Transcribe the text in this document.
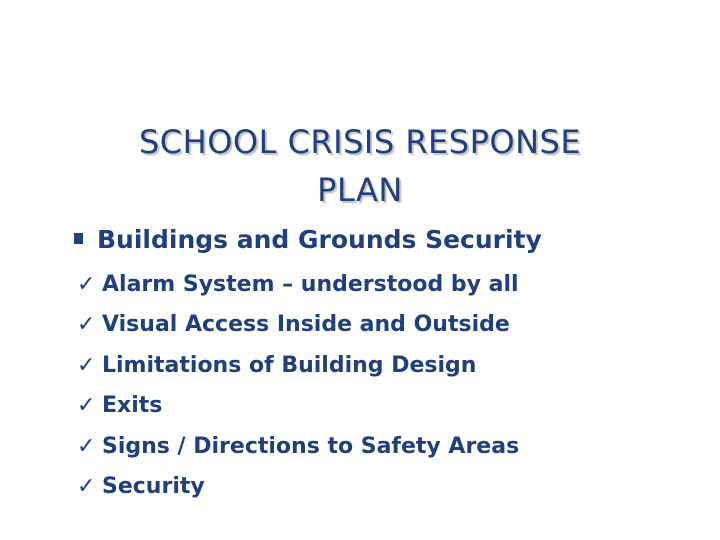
SCHOOL CRISIS RESPONSE
PLAN
Buildings and Grounds Security
✓ Alarm System – understood by all
✓ Visual Access Inside and Outside
✓ Limitations of Building Design
✓ Exits
✓ Signs / Directions to Safety Areas
✓ Security
